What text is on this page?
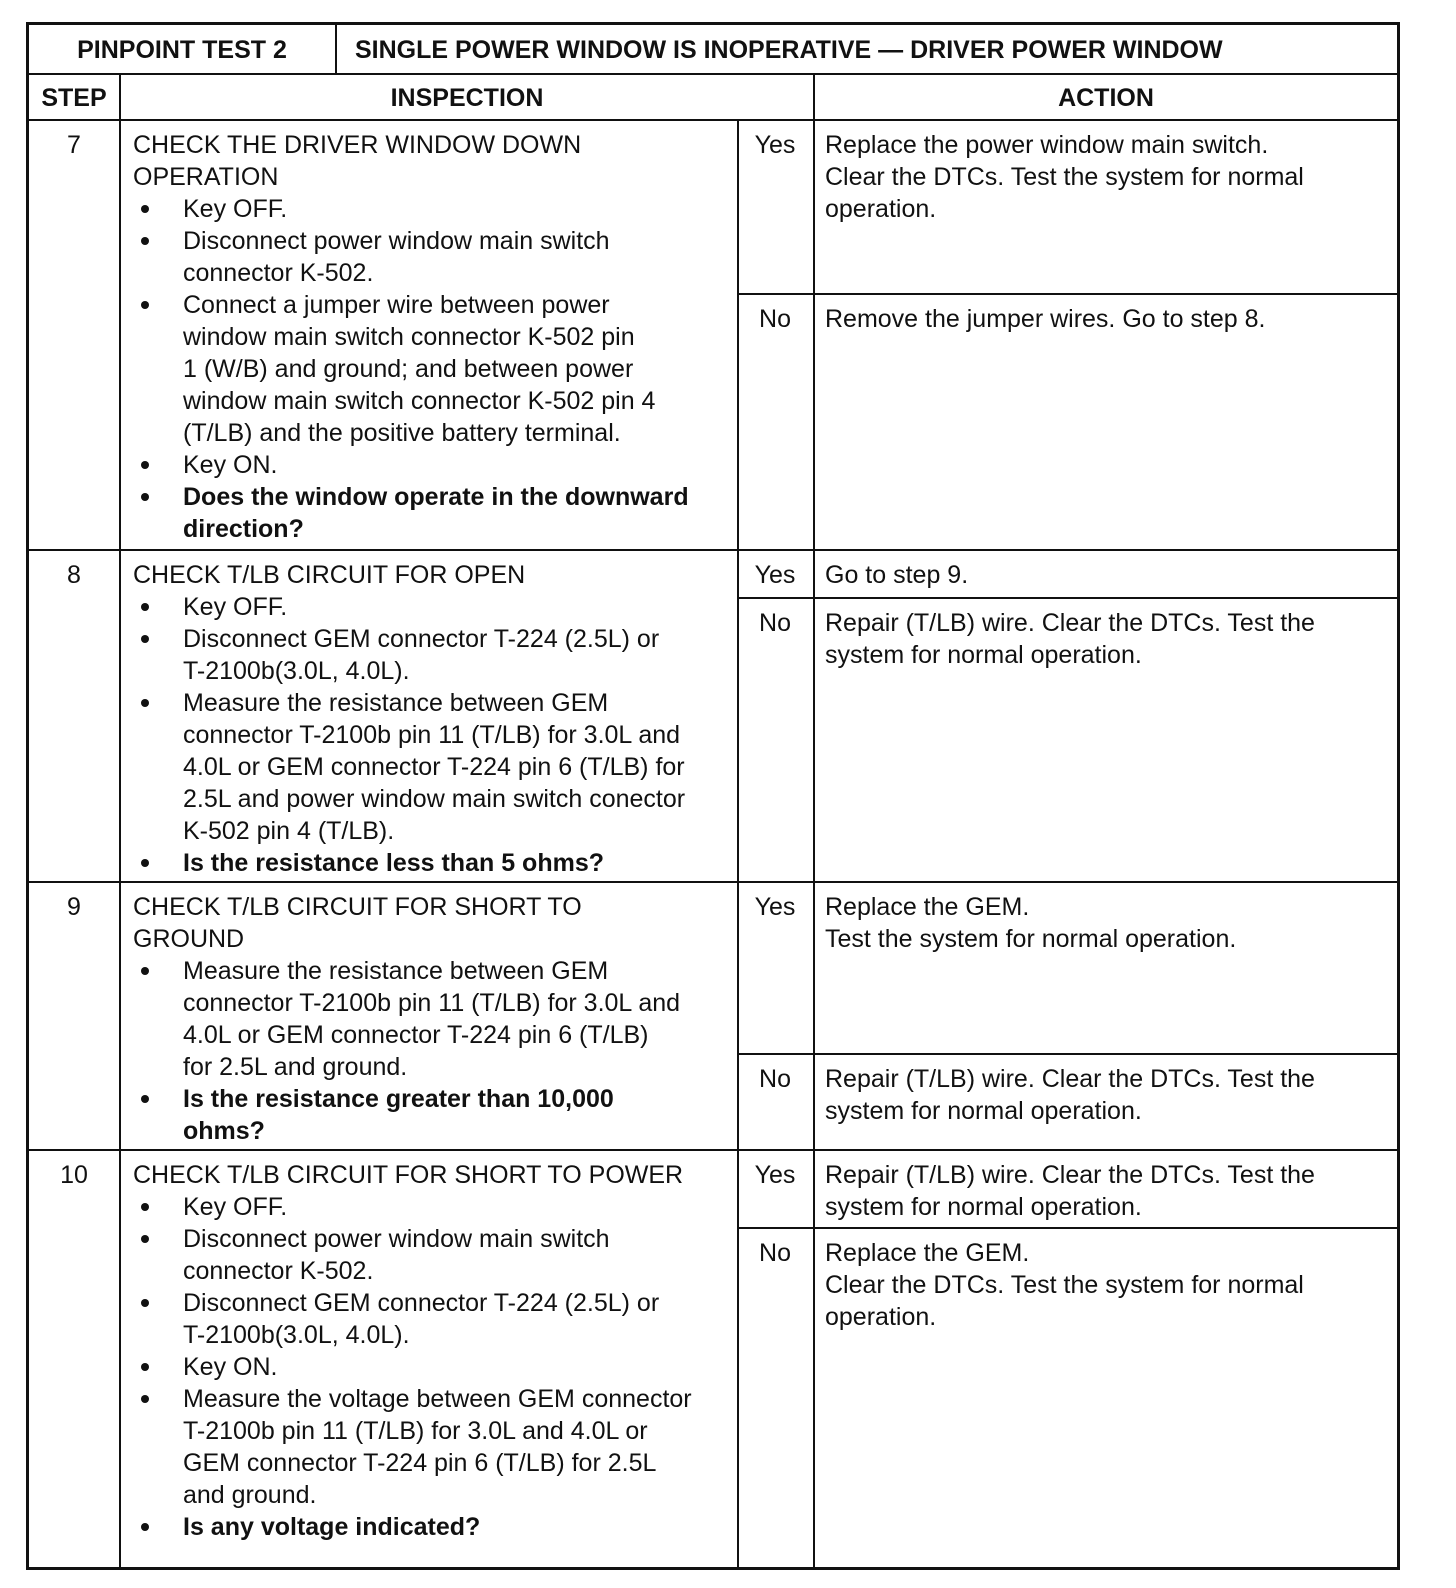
PINPOINT TEST 2	SINGLE POWER WINDOW IS INOPERATIVE — DRIVER POWER WINDOW
STEP	INSPECTION	ACTION
7	CHECK THE DRIVER WINDOW DOWN
OPERATION
Key OFF.
Disconnect power window main switch
connector K-502.
Connect a jumper wire between power
window main switch connector K-502 pin
1 (W/B) and ground; and between power
window main switch connector K-502 pin 4
(T/LB) and the positive battery terminal.
Key ON.
Does the window operate in the downward
direction?
Yes	Replace the power window main switch.
Clear the DTCs. Test the system for normal
operation.
No	Remove the jumper wires. Go to step 8.
8	CHECK T/LB CIRCUIT FOR OPEN
Key OFF.
Disconnect GEM connector T-224 (2.5L) or
T-2100b(3.0L, 4.0L).
Measure the resistance between GEM
connector T-2100b pin 11 (T/LB) for 3.0L and
4.0L or GEM connector T-224 pin 6 (T/LB) for
2.5L and power window main switch conector
K-502 pin 4 (T/LB).
Is the resistance less than 5 ohms?
Yes	Go to step 9.
No	Repair (T/LB) wire. Clear the DTCs. Test the
system for normal operation.
9	CHECK T/LB CIRCUIT FOR SHORT TO
GROUND
Measure the resistance between GEM
connector T-2100b pin 11 (T/LB) for 3.0L and
4.0L or GEM connector T-224 pin 6 (T/LB)
for 2.5L and ground.
Is the resistance greater than 10,000
ohms?
Yes	Replace the GEM.
Test the system for normal operation.
No	Repair (T/LB) wire. Clear the DTCs. Test the
system for normal operation.
10	CHECK T/LB CIRCUIT FOR SHORT TO POWER
Key OFF.
Disconnect power window main switch
connector K-502.
Disconnect GEM connector T-224 (2.5L) or
T-2100b(3.0L, 4.0L).
Key ON.
Measure the voltage between GEM connector
T-2100b pin 11 (T/LB) for 3.0L and 4.0L or
GEM connector T-224 pin 6 (T/LB) for 2.5L
and ground.
Is any voltage indicated?
Yes	Repair (T/LB) wire. Clear the DTCs. Test the
system for normal operation.
No	Replace the GEM.
Clear the DTCs. Test the system for normal
operation.
